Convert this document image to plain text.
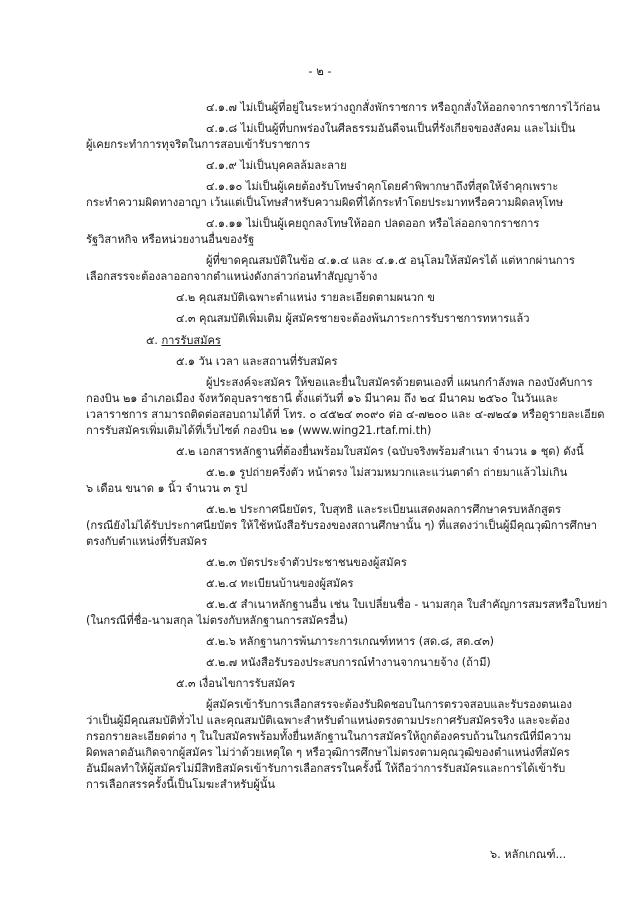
- ๒ -
๔.๑.๗ ไม่เป็นผู้ที่อยู่ในระหว่างถูกสั่งพักราชการ หรือถูกสั่งให้ออกจากราชการไว้ก่อน
๔.๑.๘ ไม่เป็นผู้ที่บกพร่องในศีลธรรมอันดีจนเป็นที่รังเกียจของสังคม และไม่เป็น
ผู้เคยกระทำการทุจริตในการสอบเข้ารับราชการ
๔.๑.๙ ไม่เป็นบุคคลล้มละลาย
๔.๑.๑๐ ไม่เป็นผู้เคยต้องรับโทษจำคุกโดยคำพิพากษาถึงที่สุดให้จำคุกเพราะ
กระทำความผิดทางอาญา เว้นแต่เป็นโทษสำหรับความผิดที่ได้กระทำโดยประมาทหรือความผิดลหุโทษ
๔.๑.๑๑ ไม่เป็นผู้เคยถูกลงโทษให้ออก ปลดออก หรือไล่ออกจากราชการ
รัฐวิสาหกิจ หรือหน่วยงานอื่นของรัฐ
ผู้ที่ขาดคุณสมบัติในข้อ ๔.๑.๔ และ ๔.๑.๕ อนุโลมให้สมัครได้ แต่หากผ่านการ
เลือกสรรจะต้องลาออกจากตำแหน่งดังกล่าวก่อนทำสัญญาจ้าง
๔.๒ คุณสมบัติเฉพาะตำแหน่ง รายละเอียดตามผนวก ข
๔.๓ คุณสมบัติเพิ่มเติม ผู้สมัครชายจะต้องพ้นภาระการรับราชการทหารแล้ว
๕. การรับสมัคร
๕.๑ วัน เวลา และสถานที่รับสมัคร
ผู้ประสงค์จะสมัคร ให้ขอและยื่นใบสมัครด้วยตนเองที่ แผนกกำลังพล กองบังคับการ
กองบิน ๒๑ อำเภอเมือง จังหวัดอุบลราชธานี ตั้งแต่วันที่ ๑๖ มีนาคม ถึง ๒๔ มีนาคม ๒๕๖๐ ในวันและ
เวลาราชการ สามารถติดต่อสอบถามได้ที่ โทร. ๐ ๔๕๒๔ ๓๐๙๐ ต่อ ๔-๗๒๐๐ และ ๔-๗๒๔๑ หรือดูรายละเอียด
การรับสมัครเพิ่มเติมได้ที่เว็บไซต์ กองบิน ๒๑ (www.wing21.rtaf.mi.th)
๕.๒ เอกสารหลักฐานที่ต้องยื่นพร้อมใบสมัคร (ฉบับจริงพร้อมสำเนา จำนวน ๑ ชุด) ดังนี้
๕.๒.๑ รูปถ่ายครึ่งตัว หน้าตรง ไม่สวมหมวกและแว่นตาดำ ถ่ายมาแล้วไม่เกิน
๖ เดือน ขนาด ๑ นิ้ว จำนวน ๓ รูป
๕.๒.๒ ประกาศนียบัตร, ใบสุทธิ และระเบียนแสดงผลการศึกษาครบหลักสูตร
(กรณียังไม่ได้รับประกาศนียบัตร ให้ใช้หนังสือรับรองของสถานศึกษานั้น ๆ) ที่แสดงว่าเป็นผู้มีคุณวุฒิการศึกษา
ตรงกับตำแหน่งที่รับสมัคร
๕.๒.๓ บัตรประจำตัวประชาชนของผู้สมัคร
๕.๒.๔ ทะเบียนบ้านของผู้สมัคร
๕.๒.๕ สำเนาหลักฐานอื่น เช่น ใบเปลี่ยนชื่อ - นามสกุล ใบสำคัญการสมรสหรือใบหย่า
(ในกรณีที่ชื่อ-นามสกุล ไม่ตรงกับหลักฐานการสมัครอื่น)
๕.๒.๖ หลักฐานการพ้นภาระการเกณฑ์ทหาร (สด.๘, สด.๔๓)
๕.๒.๗ หนังสือรับรองประสบการณ์ทำงานจากนายจ้าง (ถ้ามี)
๕.๓ เงื่อนไขการรับสมัคร
ผู้สมัครเข้ารับการเลือกสรรจะต้องรับผิดชอบในการตรวจสอบและรับรองตนเอง
ว่าเป็นผู้มีคุณสมบัติทั่วไป และคุณสมบัติเฉพาะสำหรับตำแหน่งตรงตามประกาศรับสมัครจริง และจะต้อง
กรอกรายละเอียดต่าง ๆ ในใบสมัครพร้อมทั้งยื่นหลักฐานในการสมัครให้ถูกต้องครบถ้วนในกรณีที่มีความ
ผิดพลาดอันเกิดจากผู้สมัคร ไม่ว่าด้วยเหตุใด ๆ หรือวุฒิการศึกษาไม่ตรงตามคุณวุฒิของตำแหน่งที่สมัคร
อันมีผลทำให้ผู้สมัครไม่มีสิทธิสมัครเข้ารับการเลือกสรรในครั้งนี้ ให้ถือว่าการรับสมัครและการได้เข้ารับ
การเลือกสรรครั้งนี้เป็นโมฆะสำหรับผู้นั้น
๖. หลักเกณฑ์...
